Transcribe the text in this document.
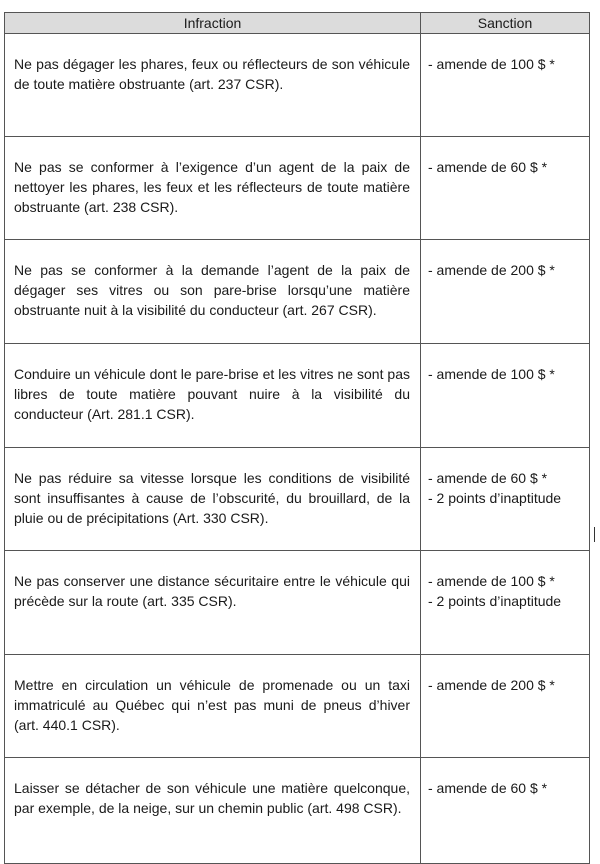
Infraction	Sanction

Ne pas dégager les phares, feux ou réflecteurs de son véhicule de toute matière obstruante (art. 237 CSR).	- amende de 100 $ *

Ne pas se conformer à l’exigence d’un agent de la paix de nettoyer les phares, les feux et les réflecteurs de toute matière obstruante (art. 238 CSR).	- amende de 60 $ *

Ne pas se conformer à la demande l’agent de la paix de dégager ses vitres ou son pare-brise lorsqu’une matière obstruante nuit à la visibilité du conducteur (art. 267 CSR).	- amende de 200 $ *

Conduire un véhicule dont le pare-brise et les vitres ne sont pas libres de toute matière pouvant nuire à la visibilité du conducteur (Art. 281.1 CSR).	- amende de 100 $ *

Ne pas réduire sa vitesse lorsque les conditions de visibilité sont insuffisantes à cause de l’obscurité, du brouillard, de la pluie ou de précipitations (Art. 330 CSR).	- amende de 60 $ *
- 2 points d’inaptitude

Ne pas conserver une distance sécuritaire entre le véhicule qui précède sur la route (art. 335 CSR).	- amende de 100 $ *
- 2 points d’inaptitude

Mettre en circulation un véhicule de promenade ou un taxi immatriculé au Québec qui n’est pas muni de pneus d’hiver (art. 440.1 CSR).	- amende de 200 $ *

Laisser se détacher de son véhicule une matière quelconque, par exemple, de la neige, sur un chemin public (art. 498 CSR).	- amende de 60 $ *
